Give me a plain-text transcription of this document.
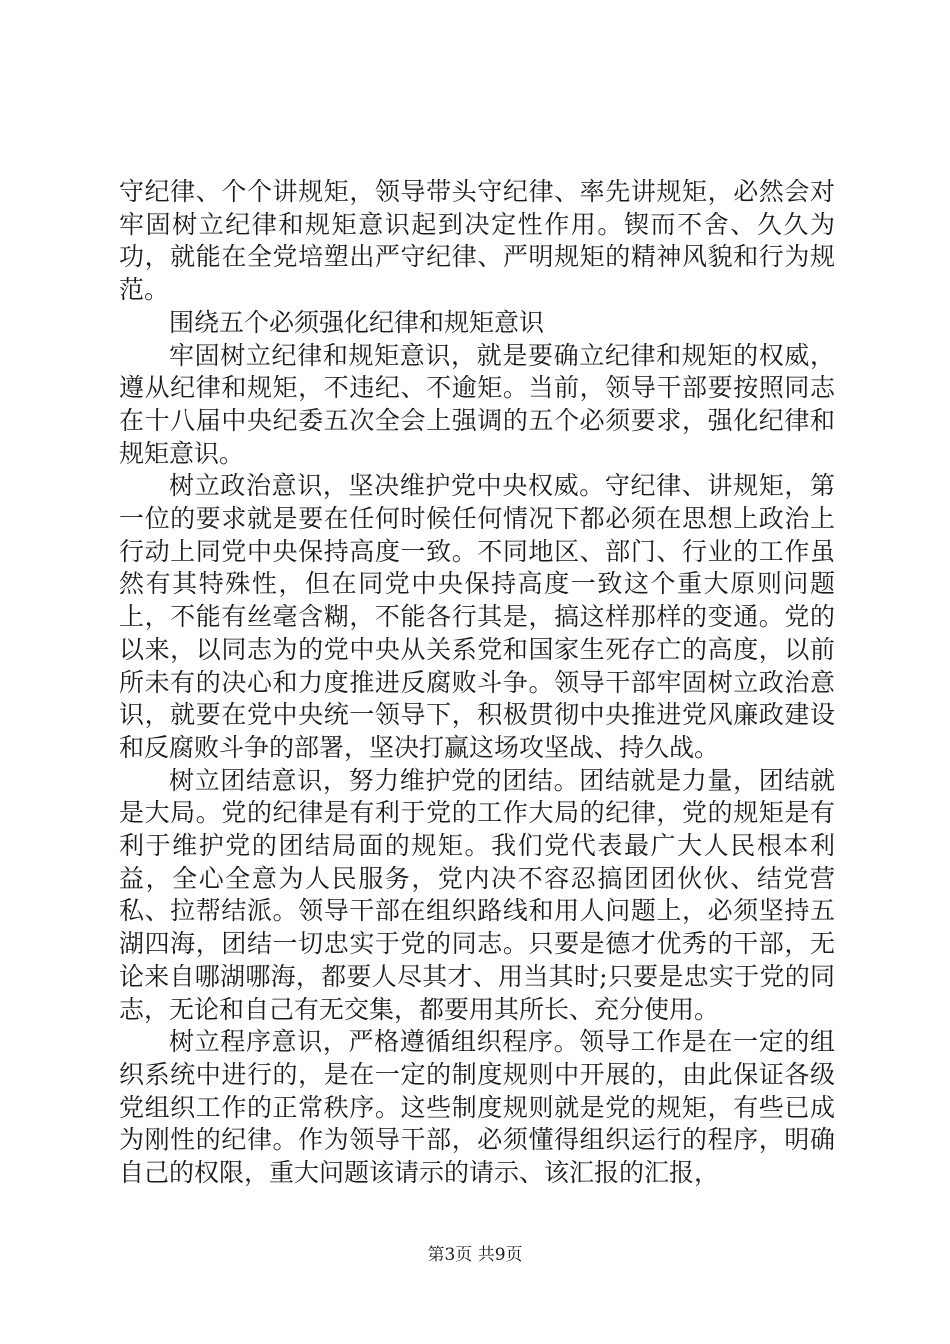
守纪律、个个讲规矩，领导带头守纪律、率先讲规矩，必然会对牢固树立纪律和规矩意识起到决定性作用。锲而不舍、久久为功，就能在全党培塑出严守纪律、严明规矩的精神风貌和行为规范。

围绕五个必须强化纪律和规矩意识

牢固树立纪律和规矩意识，就是要确立纪律和规矩的权威，遵从纪律和规矩，不违纪、不逾矩。当前，领导干部要按照同志在十八届中央纪委五次全会上强调的五个必须要求，强化纪律和规矩意识。

树立政治意识，坚决维护党中央权威。守纪律、讲规矩，第一位的要求就是要在任何时候任何情况下都必须在思想上政治上行动上同党中央保持高度一致。不同地区、部门、行业的工作虽然有其特殊性，但在同党中央保持高度一致这个重大原则问题上，不能有丝毫含糊，不能各行其是，搞这样那样的变通。党的以来，以同志为的党中央从关系党和国家生死存亡的高度，以前所未有的决心和力度推进反腐败斗争。领导干部牢固树立政治意识，就要在党中央统一领导下，积极贯彻中央推进党风廉政建设和反腐败斗争的部署，坚决打赢这场攻坚战、持久战。

树立团结意识，努力维护党的团结。团结就是力量，团结就是大局。党的纪律是有利于党的工作大局的纪律，党的规矩是有利于维护党的团结局面的规矩。我们党代表最广大人民根本利益，全心全意为人民服务，党内决不容忍搞团团伙伙、结党营私、拉帮结派。领导干部在组织路线和用人问题上，必须坚持五湖四海，团结一切忠实于党的同志。只要是德才优秀的干部，无论来自哪湖哪海，都要人尽其才、用当其时;只要是忠实于党的同志，无论和自己有无交集，都要用其所长、充分使用。

树立程序意识，严格遵循组织程序。领导工作是在一定的组织系统中进行的，是在一定的制度规则中开展的，由此保证各级党组织工作的正常秩序。这些制度规则就是党的规矩，有些已成为刚性的纪律。作为领导干部，必须懂得组织运行的程序，明确自己的权限，重大问题该请示的请示、该汇报的汇报，

第3页 共9页
